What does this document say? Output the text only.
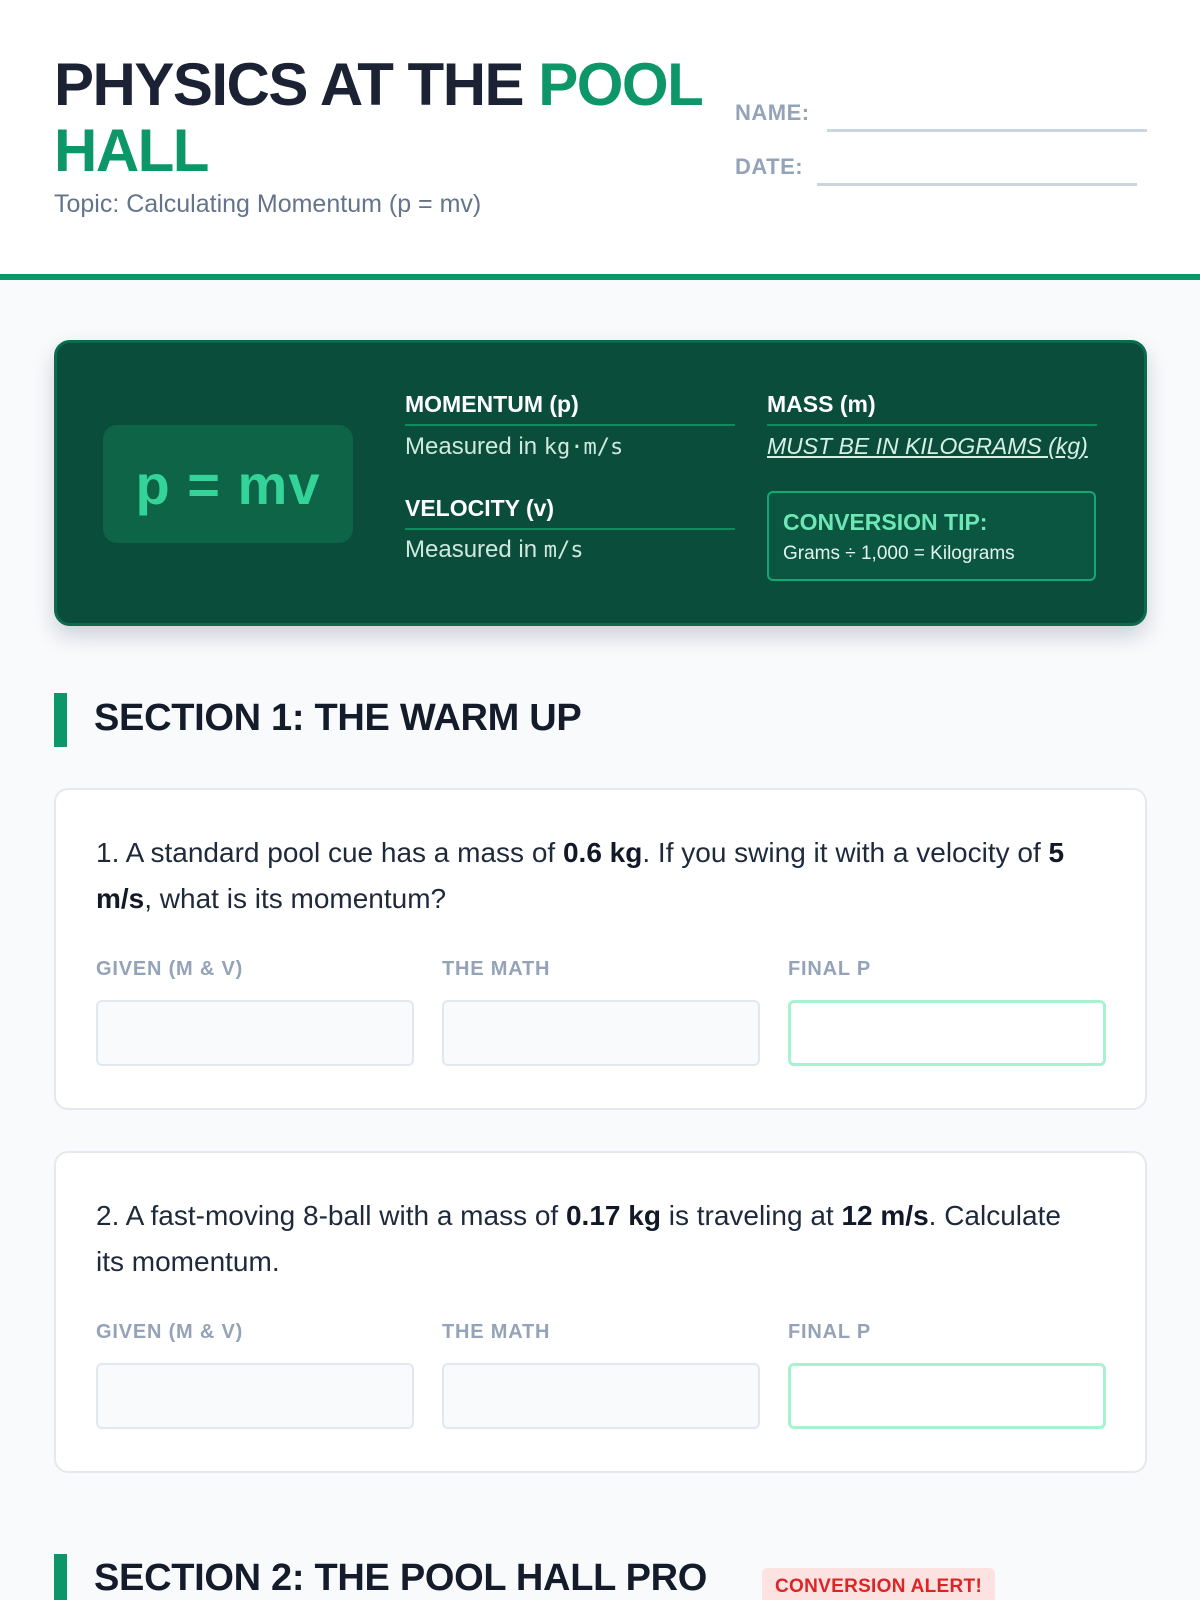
PHYSICS AT THE POOL HALL
Topic: Calculating Momentum (p = mv)
NAME:
DATE:
p = mv
MOMENTUM (p)
Measured in kg·m/s
VELOCITY (v)
Measured in m/s
MASS (m)
MUST BE IN KILOGRAMS (kg)
CONVERSION TIP:
Grams ÷ 1,000 = Kilograms
SECTION 1: THE WARM UP
1. A standard pool cue has a mass of 0.6 kg. If you swing it with a velocity of 5 m/s, what is its momentum?
GIVEN (M & V)	THE MATH	FINAL P
2. A fast-moving 8-ball with a mass of 0.17 kg is traveling at 12 m/s. Calculate its momentum.
GIVEN (M & V)	THE MATH	FINAL P
SECTION 2: THE POOL HALL PRO	CONVERSION ALERT!
